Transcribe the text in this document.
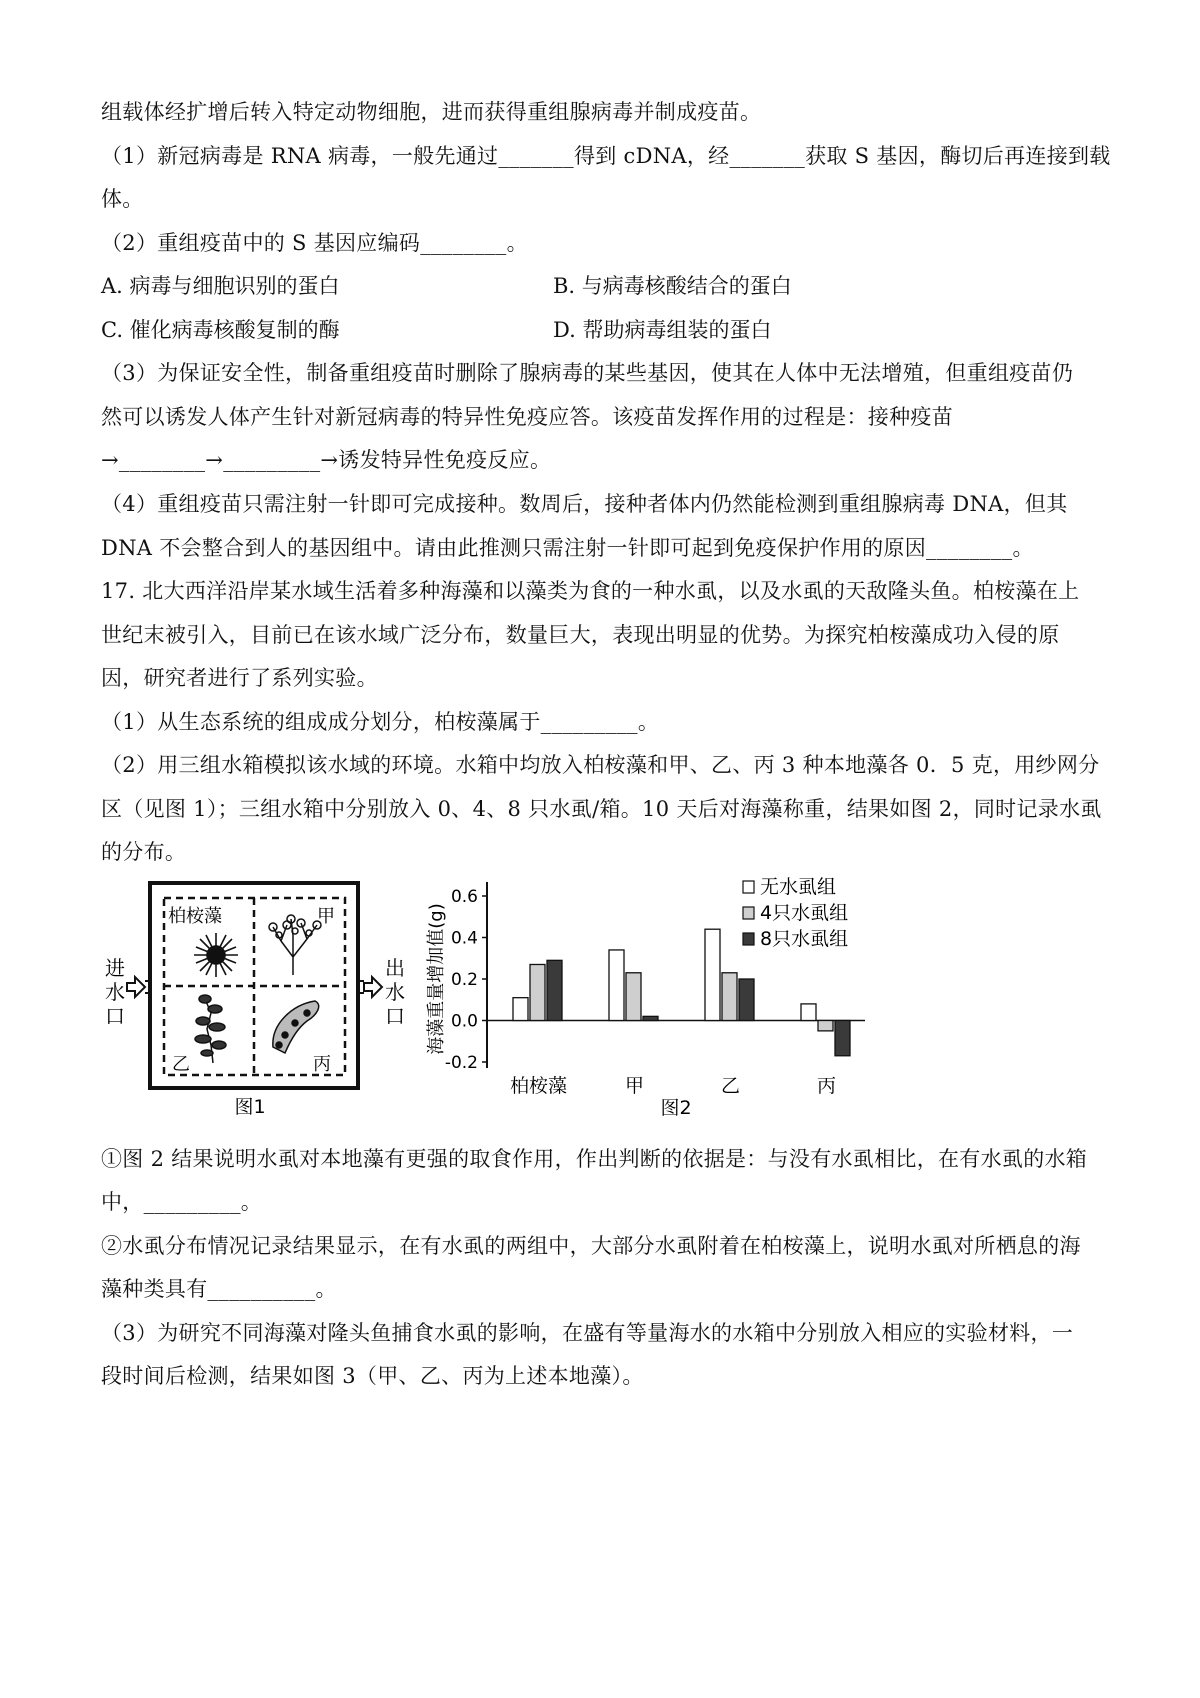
组载体经扩增后转入特定动物细胞，进而获得重组腺病毒并制成疫苗。
（1）新冠病毒是 RNA 病毒，一般先通过_______得到 cDNA，经_______获取 S 基因，酶切后再连接到载
体。
（2）重组疫苗中的 S 基因应编码________。
A. 病毒与细胞识别的蛋白	B. 与病毒核酸结合的蛋白
C. 催化病毒核酸复制的酶	D. 帮助病毒组装的蛋白
（3）为保证安全性，制备重组疫苗时删除了腺病毒的某些基因，使其在人体中无法增殖，但重组疫苗仍
然可以诱发人体产生针对新冠病毒的特异性免疫应答。该疫苗发挥作用的过程是：接种疫苗
→________→_________→诱发特异性免疫反应。
（4）重组疫苗只需注射一针即可完成接种。数周后，接种者体内仍然能检测到重组腺病毒 DNA，但其
DNA 不会整合到人的基因组中。请由此推测只需注射一针即可起到免疫保护作用的原因________。
17. 北大西洋沿岸某水域生活着多种海藻和以藻类为食的一种水虱，以及水虱的天敌隆头鱼。柏桉藻在上
世纪末被引入，目前已在该水域广泛分布，数量巨大，表现出明显的优势。为探究柏桉藻成功入侵的原
因，研究者进行了系列实验。
（1）从生态系统的组成成分划分，柏桉藻属于_________。
（2）用三组水箱模拟该水域的环境。水箱中均放入柏桉藻和甲、乙、丙 3 种本地藻各 0．5 克，用纱网分
区（见图 1）；三组水箱中分别放入 0、4、8 只水虱/箱。10 天后对海藻称重，结果如图 2，同时记录水虱
的分布。
柏桉藻	甲
乙	丙
进
水
口
出
水
口
图1
0.6
0.4
0.2
0.0
-0.2
柏桉藻	甲	乙	丙
无水虱组
4只水虱组
8只水虱组
海藻重量增加值(g)
图2
①图 2 结果说明水虱对本地藻有更强的取食作用，作出判断的依据是：与没有水虱相比，在有水虱的水箱
中，_________。
②水虱分布情况记录结果显示，在有水虱的两组中，大部分水虱附着在柏桉藻上，说明水虱对所栖息的海
藻种类具有__________。
（3）为研究不同海藻对隆头鱼捕食水虱的影响，在盛有等量海水的水箱中分别放入相应的实验材料，一
段时间后检测，结果如图 3（甲、乙、丙为上述本地藻）。
